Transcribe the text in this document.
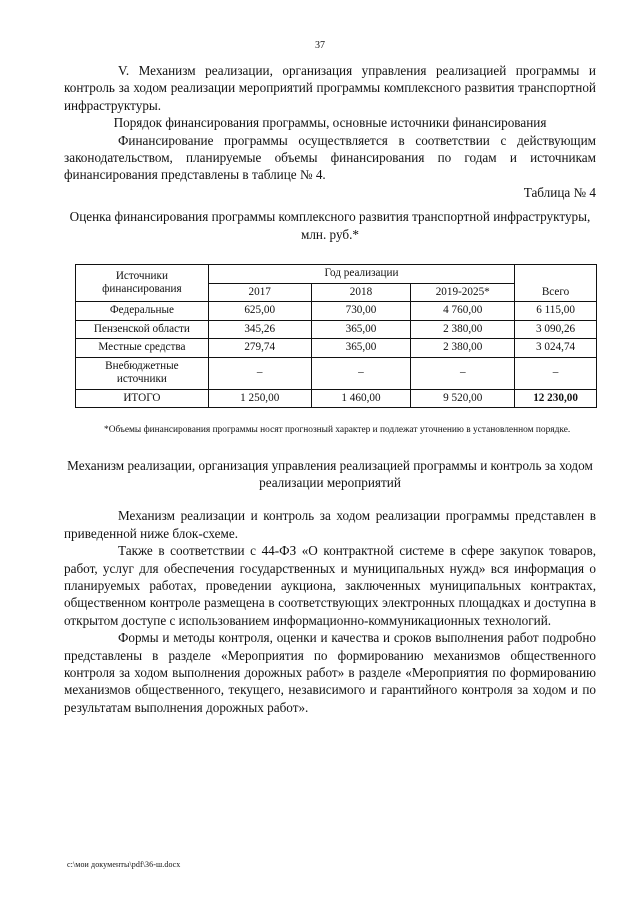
37

V. Механизм реализации, организация управления реализацией программы и контроль за ходом реализации мероприятий программы комплексного развития транспортной инфраструктуры.

Порядок финансирования программы, основные источники финансирования

Финансирование программы осуществляется в соответствии с действующим законодательством, планируемые объемы финансирования по годам и источникам финансирования представлены в таблице № 4.

Таблица № 4

Оценка финансирования программы комплексного развития транспортной инфраструктуры, млн. руб.*

Источники финансирования	Год реализации			Всего
	2017	2018	2019-2025*	
Федеральные	625,00	730,00	4 760,00	6 115,00
Пензенской области	345,26	365,00	2 380,00	3 090,26
Местные средства	279,74	365,00	2 380,00	3 024,74
Внебюджетные источники	–	–	–	–
ИТОГО	1 250,00	1 460,00	9 520,00	12 230,00

*Объемы финансирования программы носят прогнозный характер и подлежат уточнению в установленном порядке.

Механизм реализации, организация управления реализацией программы и контроль за ходом реализации мероприятий

Механизм реализации и контроль за ходом реализации программы представлен в приведенной ниже блок-схеме.

Также в соответствии с 44-ФЗ «О контрактной системе в сфере закупок товаров, работ, услуг для обеспечения государственных и муниципальных нужд» вся информация о планируемых работах, проведении аукциона, заключенных муниципальных контрактах, общественном контроле размещена в соответствующих электронных площадках и доступна в открытом доступе с использованием информационно-коммуникационных технологий.

Формы и методы контроля, оценки и качества и сроков выполнения работ подробно представлены в разделе «Мероприятия по формированию механизмов общественного контроля за ходом выполнения дорожных работ» в разделе «Мероприятия по формированию механизмов общественного, текущего, независимого и гарантийного контроля за ходом и по результатам выполнения дорожных работ».

c:\мои документы\pdf\36-ш.docx
